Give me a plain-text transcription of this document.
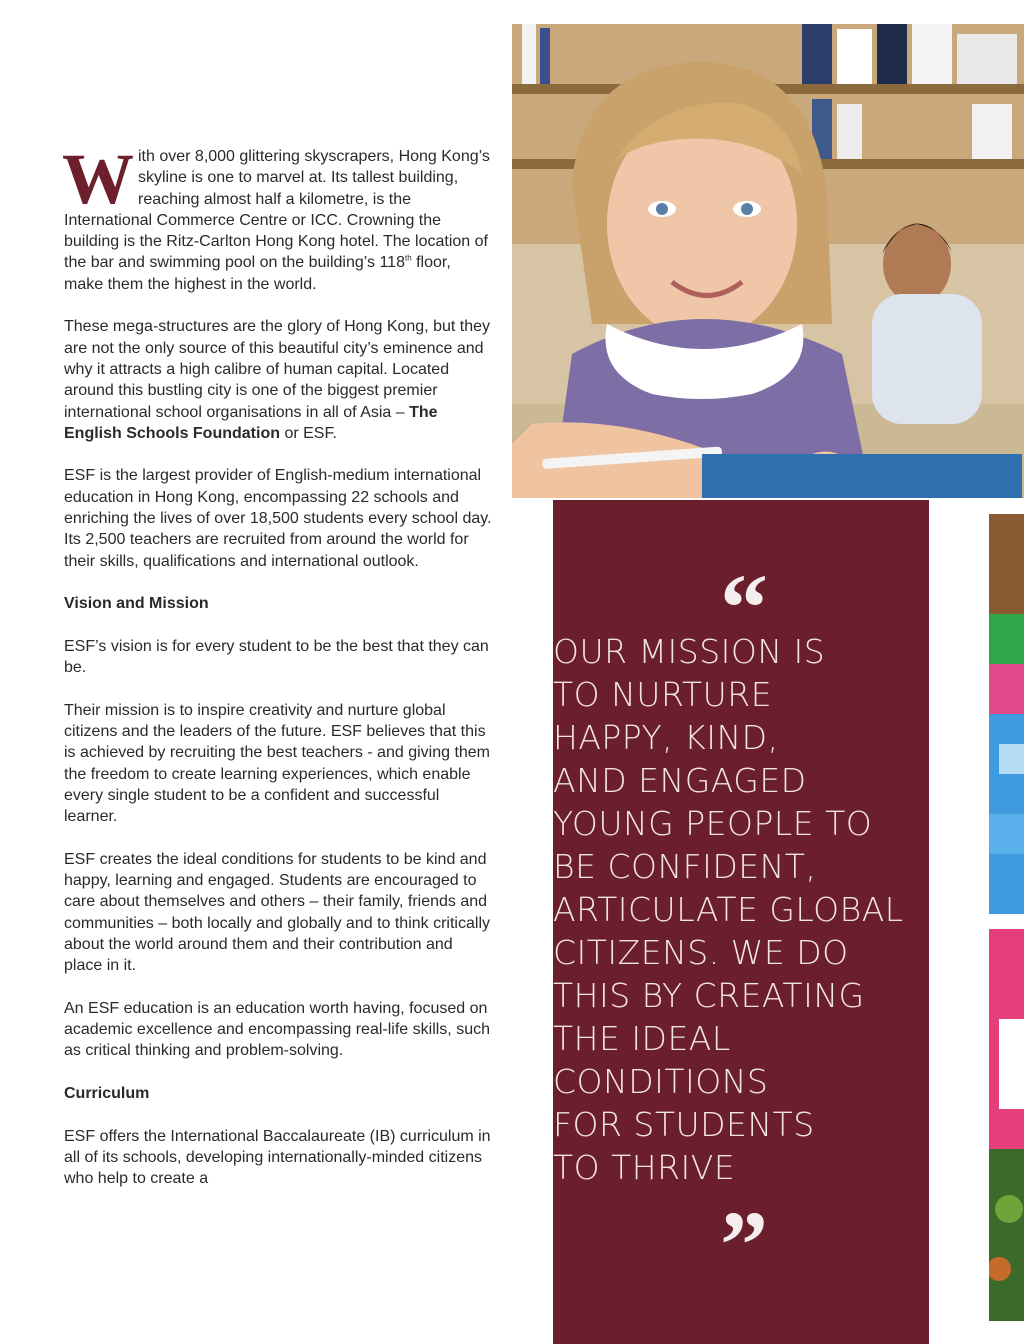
With over 8,000 glittering skyscrapers, Hong Kong’s skyline is one to marvel at. Its tallest building, reaching almost half a kilometre, is the International Commerce Centre or ICC. Crowning the building is the Ritz-Carlton Hong Kong hotel. The location of the bar and swimming pool on the building’s 118th floor, make them the highest in the world.

These mega-structures are the glory of Hong Kong, but they are not the only source of this beautiful city’s eminence and why it attracts a high calibre of human capital. Located around this bustling city is one of the biggest premier international school organisations in all of Asia – The English Schools Foundation or ESF.

ESF is the largest provider of English-medium international education in Hong Kong, encompassing 22 schools and enriching the lives of over 18,500 students every school day. Its 2,500 teachers are recruited from around the world for their skills, qualifications and international outlook.

Vision and Mission

ESF’s vision is for every student to be the best that they can be.

Their mission is to inspire creativity and nurture global citizens and the leaders of the future. ESF believes that this is achieved by recruiting the best teachers - and giving them the freedom to create learning experiences, which enable every single student to be a confident and successful learner.

ESF creates the ideal conditions for students to be kind and happy, learning and engaged. Students are encouraged to care about themselves and others – their family, friends and communities – both locally and globally and to think critically about the world around them and their contribution and place in it.

An ESF education is an education worth having, focused on academic excellence and encompassing real-life skills, such as critical thinking and problem-solving.

Curriculum

ESF offers the International Baccalaureate (IB) curriculum in all of its schools, developing internationally-minded citizens who help to create a

“
OUR MISSION IS
TO NURTURE
HAPPY, KIND,
AND ENGAGED
YOUNG PEOPLE TO
BE CONFIDENT,
ARTICULATE GLOBAL
CITIZENS. WE DO
THIS BY CREATING
THE IDEAL
CONDITIONS
FOR STUDENTS
TO THRIVE
”
